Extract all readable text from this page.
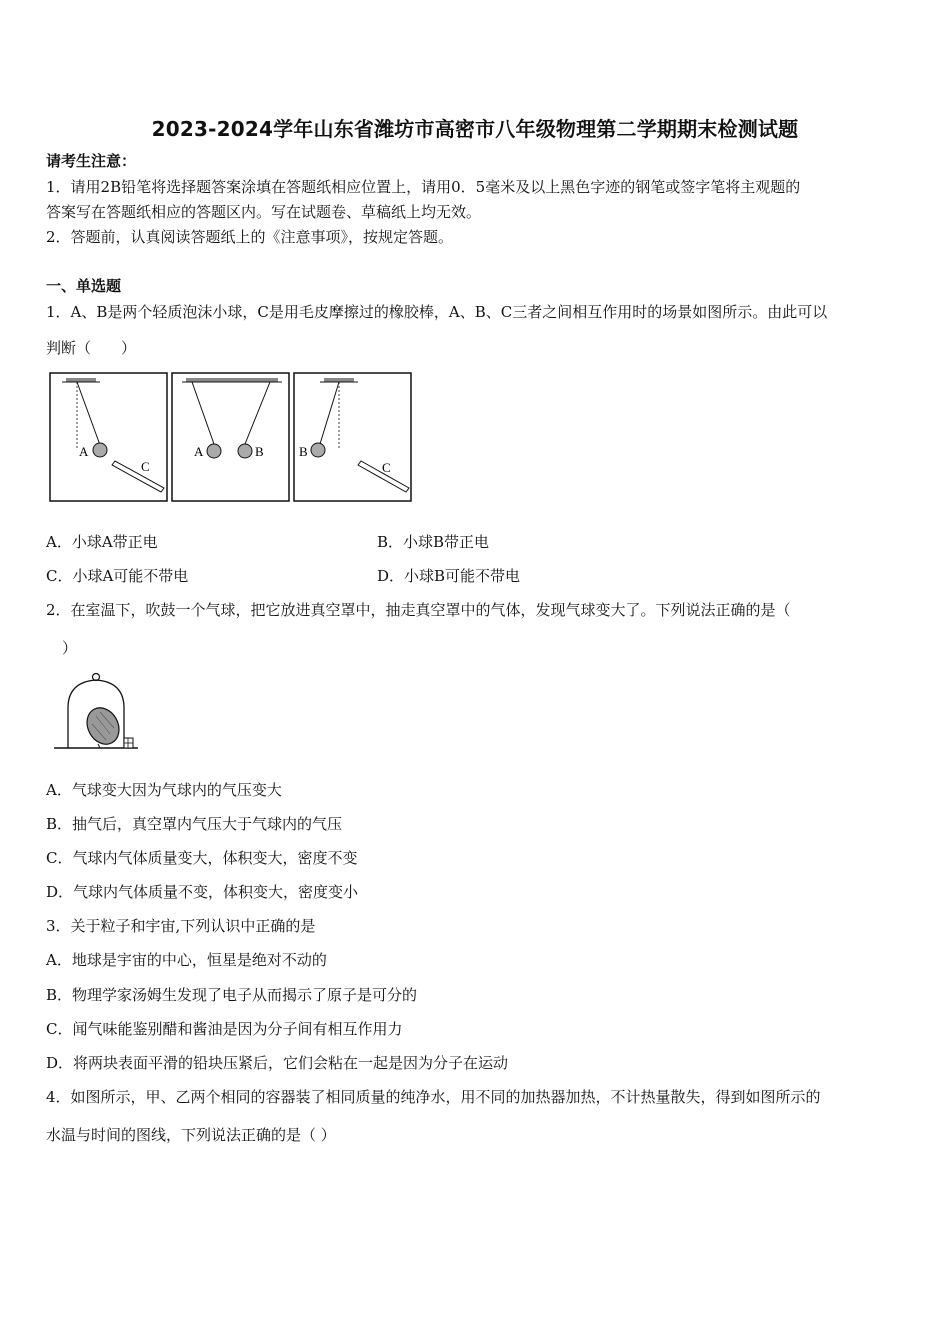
2023-2024学年山东省潍坊市高密市八年级物理第二学期期末检测试题
请考生注意：
1．请用2B铅笔将选择题答案涂填在答题纸相应位置上，请用0．5毫米及以上黑色字迹的钢笔或签字笔将主观题的
答案写在答题纸相应的答题区内。写在试题卷、草稿纸上均无效。
2．答题前，认真阅读答题纸上的《注意事项》，按规定答题。
一、单选题
1．A、B是两个轻质泡沫小球，C是用毛皮摩擦过的橡胶棒，A、B、C三者之间相互作用时的场景如图所示。由此可以
判断（　　）
A
C
A	B	B
C
A．小球A带正电	B．小球B带正电
C．小球A可能不带电	D．小球B可能不带电
2．在室温下，吹鼓一个气球，把它放进真空罩中，抽走真空罩中的气体，发现气球变大了。下列说法正确的是（
）
A．气球变大因为气球内的气压变大
B．抽气后，真空罩内气压大于气球内的气压
C．气球内气体质量变大，体积变大，密度不变
D．气球内气体质量不变，体积变大，密度变小
3．关于粒子和宇宙,下列认识中正确的是
A．地球是宇宙的中心，恒星是绝对不动的
B．物理学家汤姆生发现了电子从而揭示了原子是可分的
C．闻气味能鉴别醋和酱油是因为分子间有相互作用力
D．将两块表面平滑的铅块压紧后，它们会粘在一起是因为分子在运动
4．如图所示，甲、乙两个相同的容器装了相同质量的纯净水，用不同的加热器加热，不计热量散失，得到如图所示的
水温与时间的图线，下列说法正确的是（ ）
